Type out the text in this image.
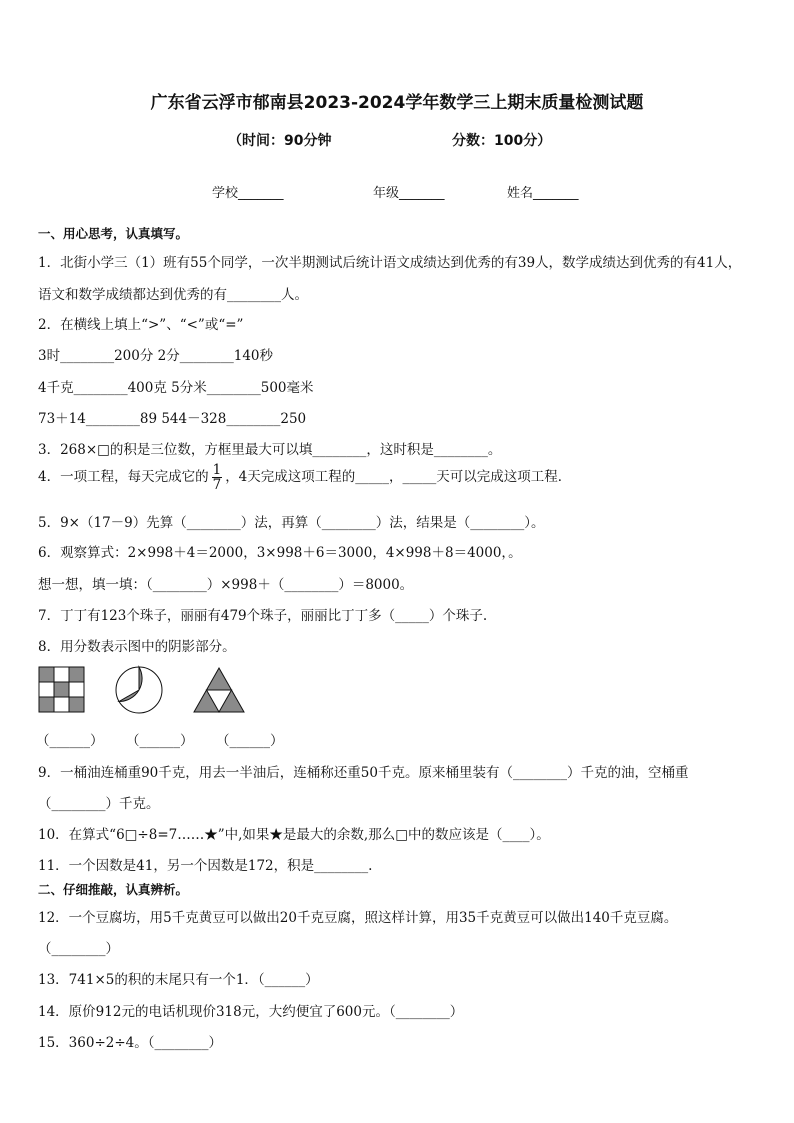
广东省云浮市郁南县2023-2024学年数学三上期末质量检测试题
（时间：90分钟	分数：100分）
学校_______	年级_______	姓名_______
一、用心思考，认真填写。
1．北街小学三（1）班有55个同学，一次半期测试后统计语文成绩达到优秀的有39人，数学成绩达到优秀的有41人，
语文和数学成绩都达到优秀的有________人。
2．在横线上填上“>”、“<”或“=”
3时________200分 2分________140秒
4千克________400克 5分米________500毫米
73＋14________89 544－328________250
3．268×□的积是三位数，方框里最大可以填________，这时积是________。
4．一项工程，每天完成它的 $\frac{1}{7}$ ，4天完成这项工程的_____，_____天可以完成这项工程．
5．9×（17－9）先算（________）法，再算（________）法，结果是（________）。
6．观察算式：2×998＋4＝2000，3×998＋6＝3000，4×998＋8＝4000，。
想一想，填一填：（________）×998＋（________）＝8000。
7．丁丁有123个珠子，丽丽有479个珠子，丽丽比丁丁多（_____）个珠子.
8．用分数表示图中的阴影部分。
（______） （______） （______）
9．一桶油连桶重90千克，用去一半油后，连桶称还重50千克。原来桶里装有（________）千克的油，空桶重
（________）千克。
10．在算式“6□÷8=7……★”中,如果★是最大的余数,那么□中的数应该是（____）。
11．一个因数是41，另一个因数是172，积是________.
二、仔细推敲，认真辨析。
12．一个豆腐坊，用5千克黄豆可以做出20千克豆腐，照这样计算，用35千克黄豆可以做出140千克豆腐。
（________）
13．741×5的积的末尾只有一个1．（______）
14．原价912元的电话机现价318元，大约便宜了600元。（________）
15．360÷2÷4。（________）
